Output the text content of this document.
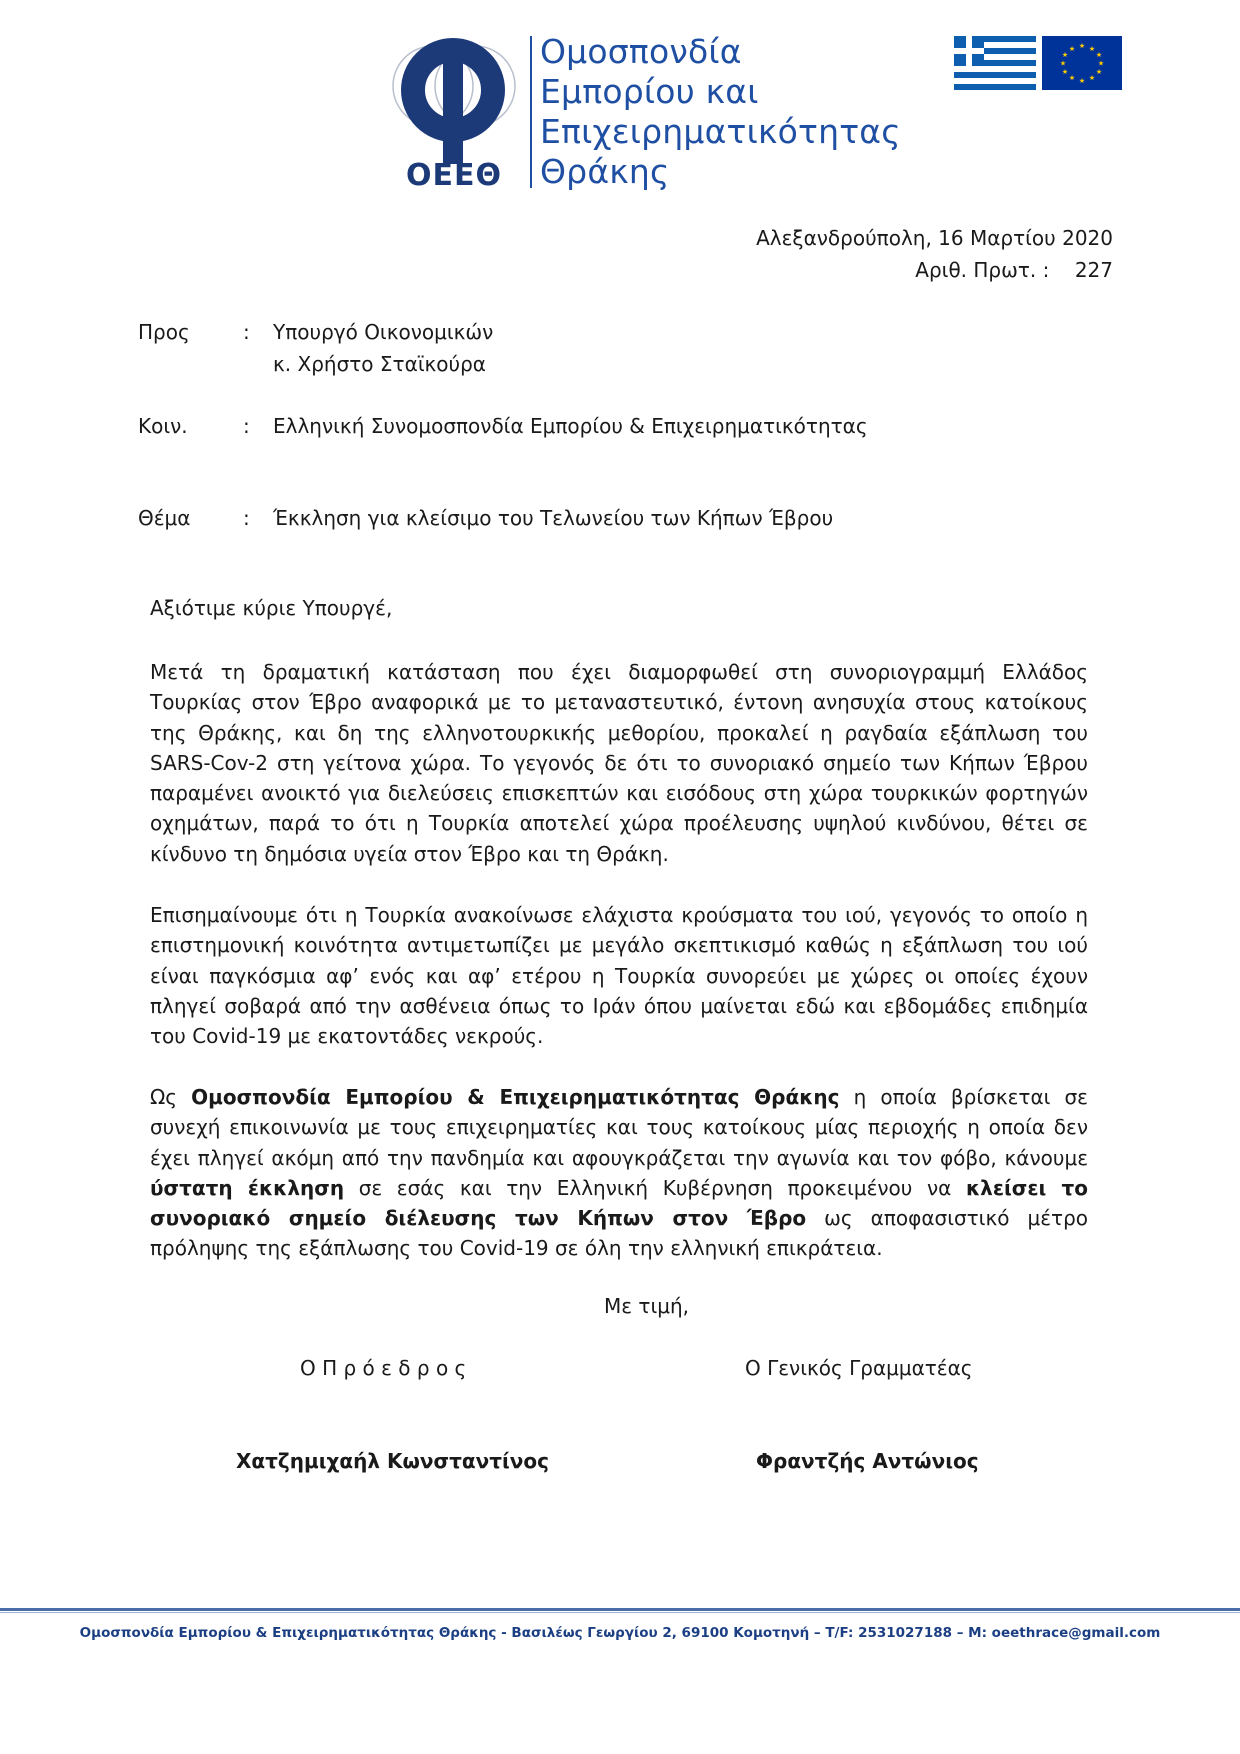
ΟΕΕΘ
Ομοσπονδία
Εμπορίου και
Επιχειρηματικότητας
Θράκης
★ ★
★
★
★
★
★
★
★
★
★
★
Αλεξανδρούπολη, 16 Μαρτίου 2020
Αριθ. Πρωτ. : 227
Προς	: Υπουργό Οικονομικών
κ. Χρήστο Σταϊκούρα
Κοιν.	: Ελληνική Συνομοσπονδία Εμπορίου & Επιχειρηματικότητας
Θέμα	: Έκκληση για κλείσιμο του Τελωνείου των Κήπων Έβρου
Αξιότιμε κύριε Υπουργέ,
Μετά τη δραματική κατάσταση που έχει διαμορφωθεί στη συνοριογραμμή Ελλάδος Τουρκίας στον Έβρο αναφορικά με το μεταναστευτικό, έντονη ανησυχία στους κατοίκους της Θράκης, και δη της ελληνοτουρκικής μεθορίου, προκαλεί η ραγδαία εξάπλωση του SARS-Cov-2 στη γείτονα χώρα. Το γεγονός δε ότι το συνοριακό σημείο των Κήπων Έβρου παραμένει ανοικτό για διελεύσεις επισκεπτών και εισόδους στη χώρα τουρκικών φορτηγών οχημάτων, παρά το ότι η Τουρκία αποτελεί χώρα προέλευσης υψηλού κινδύνου, θέτει σε κίνδυνο τη δημόσια υγεία στον Έβρο και τη Θράκη.
Επισημαίνουμε ότι η Τουρκία ανακοίνωσε ελάχιστα κρούσματα του ιού, γεγονός το οποίο η επιστημονική κοινότητα αντιμετωπίζει με μεγάλο σκεπτικισμό καθώς η εξάπλωση του ιού είναι παγκόσμια αφ’ ενός και αφ’ ετέρου η Τουρκία συνορεύει με χώρες οι οποίες έχουν πληγεί σοβαρά από την ασθένεια όπως το Ιράν όπου μαίνεται εδώ και εβδομάδες επιδημία του Covid-19 με εκατοντάδες νεκρούς.
Ως Ομοσπονδία Εμπορίου & Επιχειρηματικότητας Θράκης η οποία βρίσκεται σε συνεχή επικοινωνία με τους επιχειρηματίες και τους κατοίκους μίας περιοχής η οποία δεν έχει πληγεί ακόμη από την πανδημία και αφουγκράζεται την αγωνία και τον φόβο, κάνουμε ύστατη έκκληση σε εσάς και την Ελληνική Κυβέρνηση προκειμένου να κλείσει το συνοριακό σημείο διέλευσης των Κήπων στον Έβρο ως αποφασιστικό μέτρο πρόληψης της εξάπλωσης του Covid-19 σε όλη την ελληνική επικράτεια.
Με τιμή,
Ο Π ρ ό ε δ ρ ο ς	Ο Γενικός Γραμματέας
Χατζημιχαήλ Κωνσταντίνος	Φραντζής Αντώνιος
Ομοσπονδία Εμπορίου & Επιχειρηματικότητας Θράκης - Βασιλέως Γεωργίου 2, 69100 Κομοτηνή – Τ/F: 2531027188 – M: oeethrace@gmail.com
